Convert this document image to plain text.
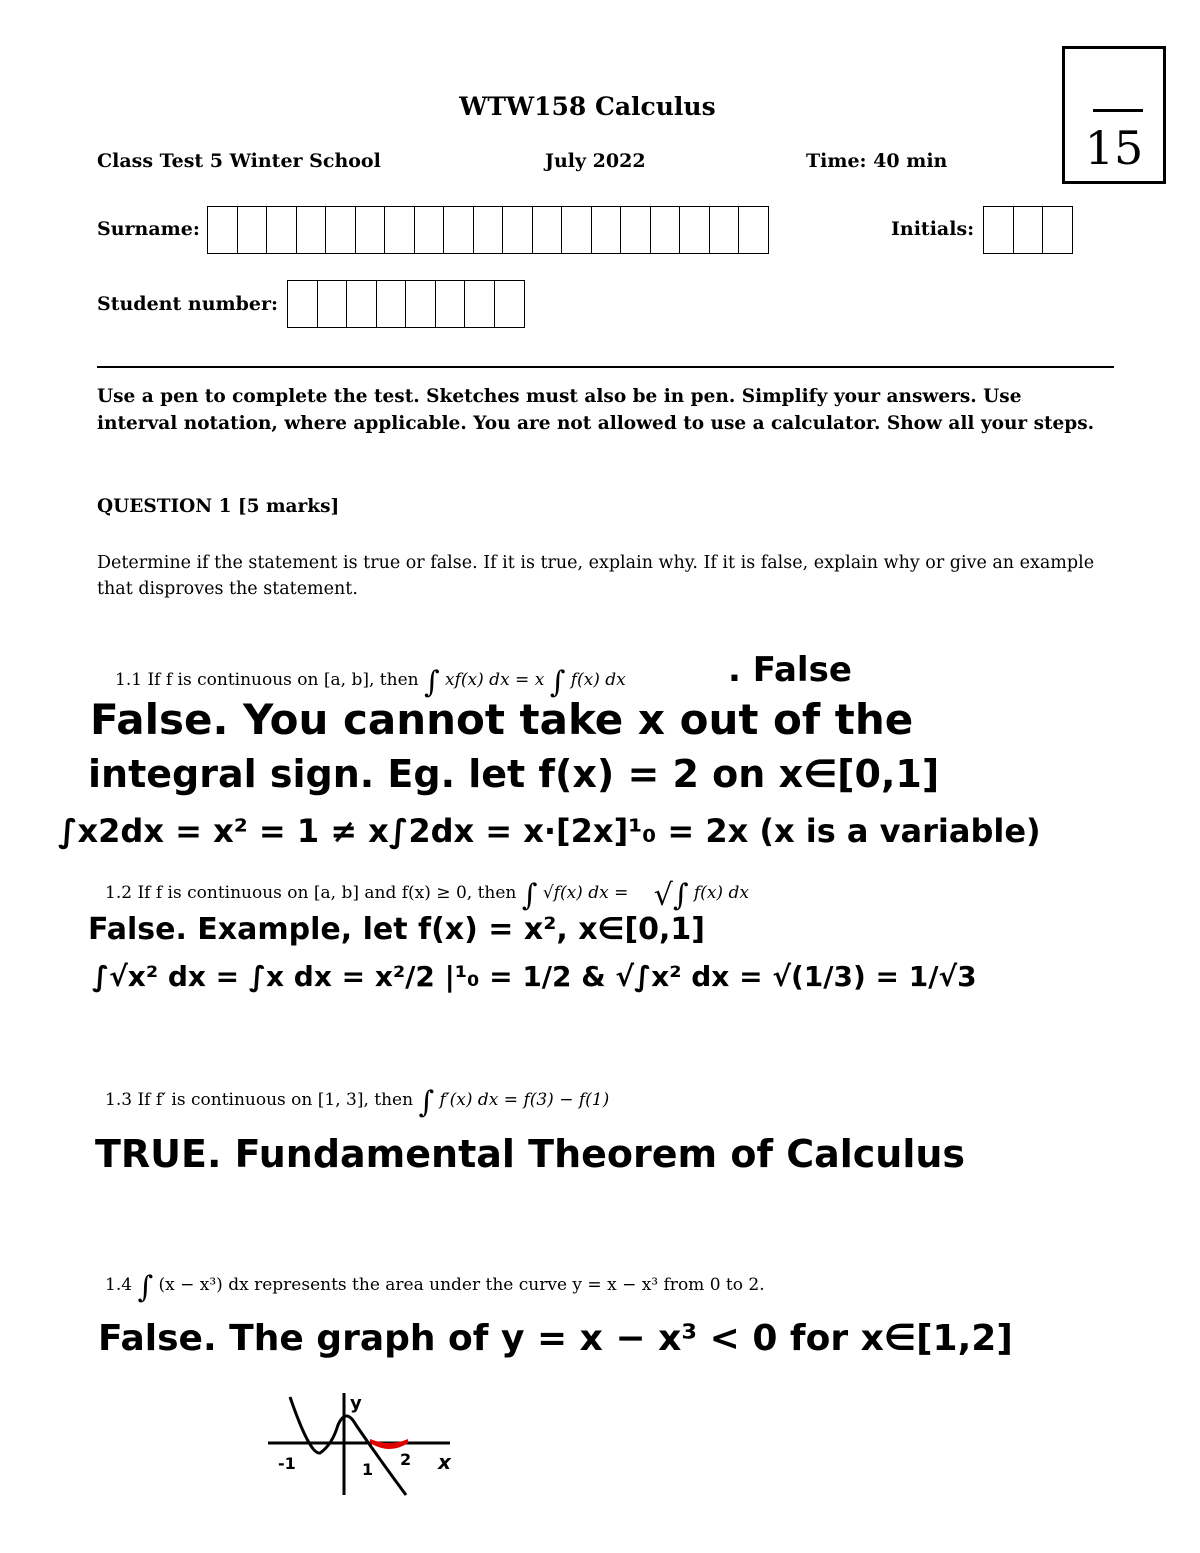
15
WTW158 Calculus
Class Test 5 Winter School	July 2022	Time: 40 min
Surname:	Initials:
Student number:
Use a pen to complete the test. Sketches must also be in pen. Simplify your answers. Use interval notation, where applicable. You are not allowed to use a calculator. Show all your steps.
QUESTION 1 [5 marks]
Determine if the statement is true or false. If it is true, explain why. If it is false, explain why or give an example that disproves the statement.
1.1 If f is continuous on [a, b], then ∫ xf(x) dx = x ∫ f(x) dx	. False
False. You cannot take x out of the
integral sign. Eg. let f(x) = 2 on x∈[0,1]
∫x2dx = x² = 1 ≠ x∫2dx = x·[2x]¹₀ = 2x (x is a variable)
1.2 If f is continuous on [a, b] and f(x) ≥ 0, then ∫ √f(x) dx = √∫ f(x) dx
False. Example, let f(x) = x², x∈[0,1]
∫√x² dx = ∫x dx = x²/2 |¹₀ = 1/2 & √∫x² dx = √(1/3) = 1/√3
1.3 If f′ is continuous on [1, 3], then ∫ f′(x) dx = f(3) − f(1)
TRUE. Fundamental Theorem of Calculus
1.4 ∫ (x − x³) dx represents the area under the curve y = x − x³ from 0 to 2.
False. The graph of y = x − x³ < 0 for x∈[1,2]
-1	1
2 x
y
